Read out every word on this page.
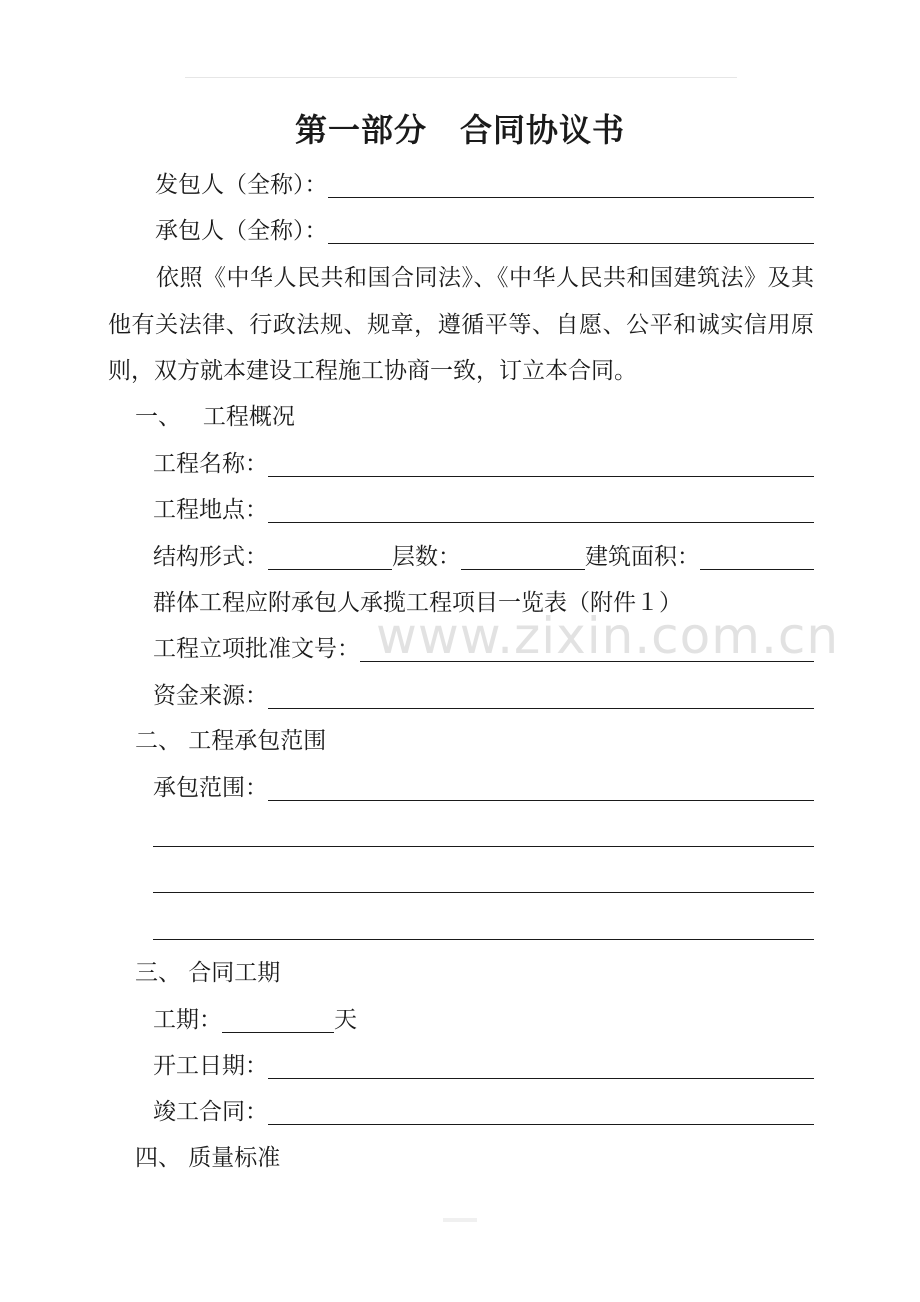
第一部分　合同协议书
发包人（全称）：
承包人（全称）：
依照《中华人民共和国合同法》、《中华人民共和国建筑法》及其他有关法律、行政法规、规章，遵循平等、自愿、公平和诚实信用原则，双方就本建设工程施工协商一致，订立本合同。
一、   工程概况
工程名称：
工程地点：
结构形式：	层数：	建筑面积：
群体工程应附承包人承揽工程项目一览表（附件１）
工程立项批准文号：
资金来源：
二、 工程承包范围
承包范围：
三、 合同工期
工期：	天
开工日期：
竣工合同：
四、 质量标准
www.zixin.com.cn
